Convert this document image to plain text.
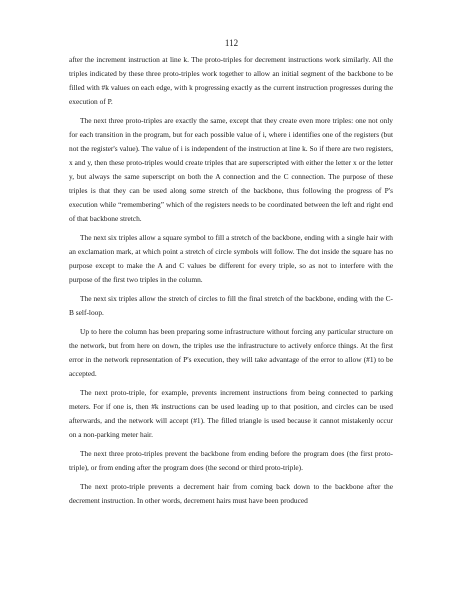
112

after the increment instruction at line k. The proto-triples for decrement instructions work similarly. All the triples indicated by these three proto-triples work together to allow an initial segment of the backbone to be filled with #k values on each edge, with k progressing exactly as the current instruction progresses during the execution of P.

The next three proto-triples are exactly the same, except that they create even more triples: one not only for each transition in the program, but for each possible value of i, where i identifies one of the registers (but not the register's value). The value of i is independent of the instruction at line k. So if there are two registers, x and y, then these proto-triples would create triples that are superscripted with either the letter x or the letter y, but always the same superscript on both the A connection and the C connection. The purpose of these triples is that they can be used along some stretch of the backbone, thus following the progress of P's execution while “remembering” which of the registers needs to be coordinated between the left and right end of that backbone stretch.

The next six triples allow a square symbol to fill a stretch of the backbone, ending with a single hair with an exclamation mark, at which point a stretch of circle symbols will follow. The dot inside the square has no purpose except to make the A and C values be different for every triple, so as not to interfere with the purpose of the first two triples in the column.

The next six triples allow the stretch of circles to fill the final stretch of the backbone, ending with the C-B self-loop.

Up to here the column has been preparing some infrastructure without forcing any particular structure on the network, but from here on down, the triples use the infrastructure to actively enforce things. At the first error in the network representation of P's execution, they will take advantage of the error to allow (#1) to be accepted.

The next proto-triple, for example, prevents increment instructions from being connected to parking meters. For if one is, then #k instructions can be used leading up to that position, and circles can be used afterwards, and the network will accept (#1). The filled triangle is used because it cannot mistakenly occur on a non-parking meter hair.

The next three proto-triples prevent the backbone from ending before the program does (the first proto-triple), or from ending after the program does (the second or third proto-triple).

The next proto-triple prevents a decrement hair from coming back down to the backbone after the decrement instruction. In other words, decrement hairs must have been produced
